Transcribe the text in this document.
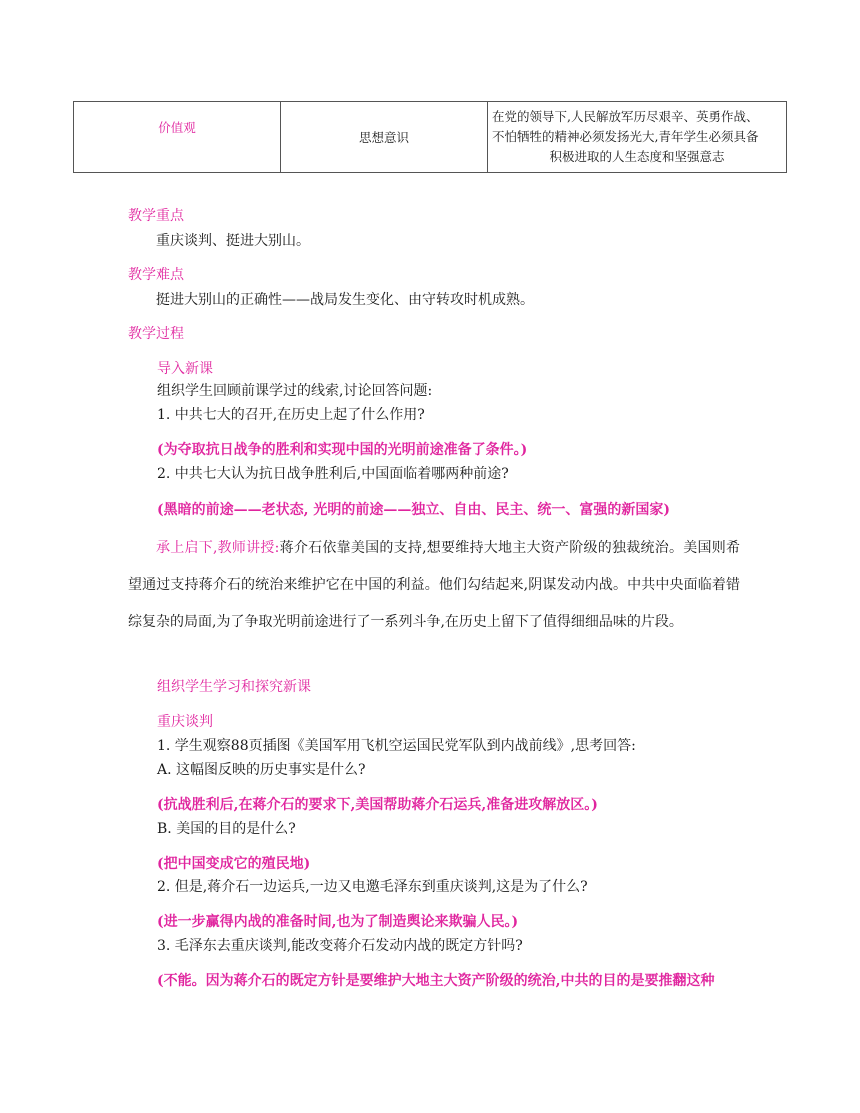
价值观	思想意识	
在党的领导下,人民解放军历尽艰辛、英勇作战、
不怕牺牲的精神必须发扬光大,青年学生必须具备
积极进取的人生态度和坚强意志
教学重点
重庆谈判、挺进大别山。
教学难点
挺进大别山的正确性——战局发生变化、由守转攻时机成熟。
教学过程
导入新课
组织学生回顾前课学过的线索,讨论回答问题:
1. 中共七大的召开,在历史上起了什么作用?
(为夺取抗日战争的胜利和实现中国的光明前途准备了条件。)
2. 中共七大认为抗日战争胜利后,中国面临着哪两种前途?
(黑暗的前途——老状态, 光明的前途——独立、自由、民主、统一、富强的新国家)
承上启下,教师讲授:蒋介石依靠美国的支持,想要维持大地主大资产阶级的独裁统治。美国则希望通过支持蒋介石的统治来维护它在中国的利益。他们勾结起来,阴谋发动内战。中共中央面临着错综复杂的局面,为了争取光明前途进行了一系列斗争,在历史上留下了值得细细品味的片段。
组织学生学习和探究新课
重庆谈判
1. 学生观察88页插图《美国军用飞机空运国民党军队到内战前线》,思考回答:
A. 这幅图反映的历史事实是什么?
(抗战胜利后,在蒋介石的要求下,美国帮助蒋介石运兵,准备进攻解放区。)
B. 美国的目的是什么?
(把中国变成它的殖民地)
2. 但是,蒋介石一边运兵,一边又电邀毛泽东到重庆谈判,这是为了什么?
(进一步赢得内战的准备时间,也为了制造舆论来欺骗人民。)
3. 毛泽东去重庆谈判,能改变蒋介石发动内战的既定方针吗?
(不能。因为蒋介石的既定方针是要维护大地主大资产阶级的统治,中共的目的是要推翻这种
